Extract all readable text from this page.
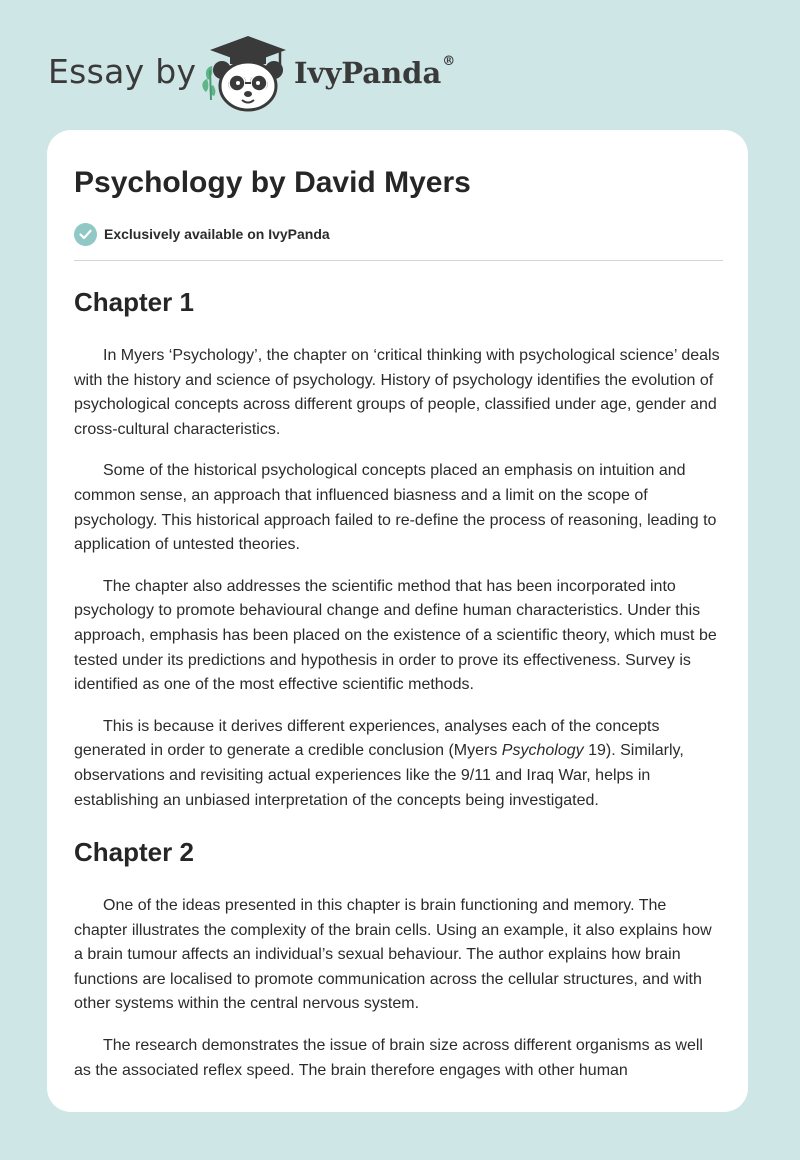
Essay by	IvyPanda®
Psychology by David Myers
Exclusively available on IvyPanda
Chapter 1

In Myers ‘Psychology’, the chapter on ‘critical thinking with psychological science’ deals with the history and science of psychology. History of psychology identifies the evolution of psychological concepts across different groups of people, classified under age, gender and cross-cultural characteristics.

Some of the historical psychological concepts placed an emphasis on intuition and common sense, an approach that influenced biasness and a limit on the scope of psychology. This historical approach failed to re-define the process of reasoning, leading to application of untested theories.

The chapter also addresses the scientific method that has been incorporated into psychology to promote behavioural change and define human characteristics. Under this approach, emphasis has been placed on the existence of a scientific theory, which must be tested under its predictions and hypothesis in order to prove its effectiveness. Survey is identified as one of the most effective scientific methods.

This is because it derives different experiences, analyses each of the concepts generated in order to generate a credible conclusion (Myers Psychology 19). Similarly, observations and revisiting actual experiences like the 9/11 and Iraq War, helps in establishing an unbiased interpretation of the concepts being investigated.

Chapter 2

One of the ideas presented in this chapter is brain functioning and memory. The chapter illustrates the complexity of the brain cells. Using an example, it also explains how a brain tumour affects an individual’s sexual behaviour. The author explains how brain functions are localised to promote communication across the cellular structures, and with other systems within the central nervous system.

The research demonstrates the issue of brain size across different organisms as well as the associated reflex speed. The brain therefore engages with other human
